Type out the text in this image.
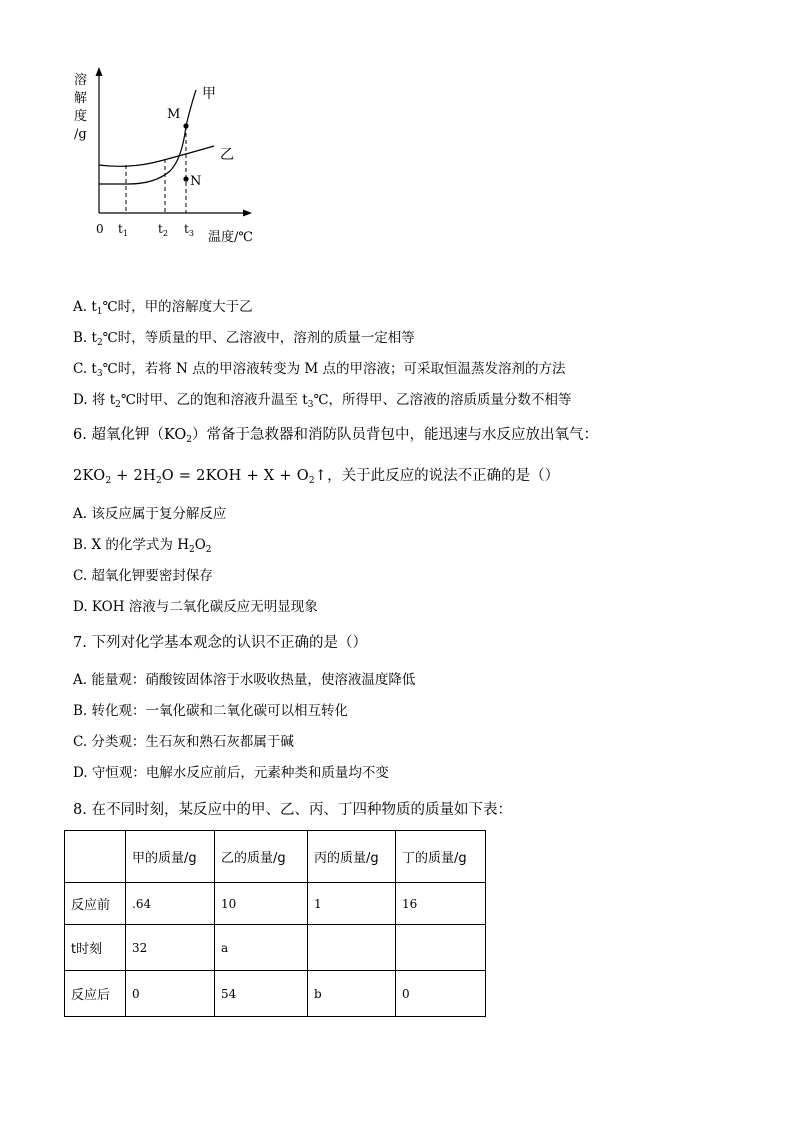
溶
解
度
/g
M
N
甲
乙
0 $t_1$	$t_2$ $t_3$ 温度/℃
A. $t_1℃$时，甲的溶解度大于乙
B. $t_2℃$时，等质量的甲、乙溶液中，溶剂的质量一定相等
C. $t_3℃$时，若将 N 点的甲溶液转变为 M 点的甲溶液；可采取恒温蒸发溶剂的方法
D. 将 $t_2℃$时甲、乙的饱和溶液升温至 $t_3℃$，所得甲、乙溶液的溶质质量分数不相等
6. 超氧化钾$(KO_2)$常备于急救器和消防队员背包中，能迅速与水反应放出氧气：
$2KO_2 + 2H_2O = 2KOH + X$ + $O_2↑$，关于此反应的说法不正确的是（）
A. 该反应属于复分解反应
B. X 的化学式为 $H_2O_2$
C. 超氧化钾要密封保存
D. KOH 溶液与二氧化碳反应无明显现象
7. 下列对化学基本观念的认识不正确的是（）
A. 能量观：硝酸铵固体溶于水吸收热量，使溶液温度降低
B. 转化观：一氧化碳和二氧化碳可以相互转化
C. 分类观：生石灰和熟石灰都属于碱
D. 守恒观：电解水反应前后，元素种类和质量均不变
8. 在不同时刻，某反应中的甲、乙、丙、丁四种物质的质量如下表：
	甲的质量/g	乙的质量/g	丙的质量/g	丁的质量/g
反应前	.64	10	1	16
t时刻	32	a		
反应后	0	54	b	0
